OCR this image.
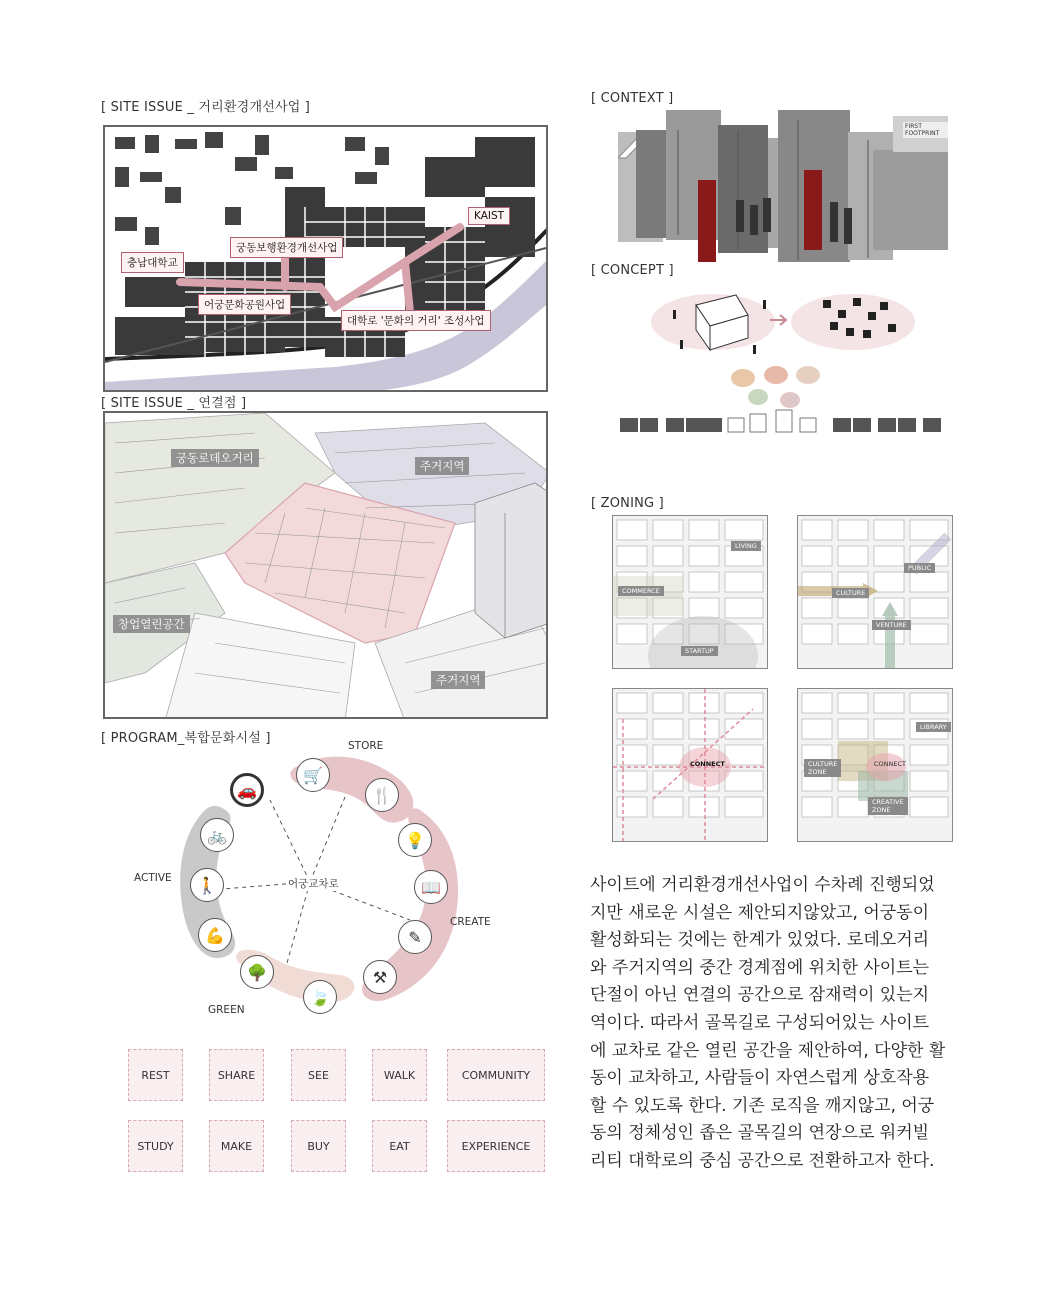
[ SITE ISSUE _ 거리환경개선사업 ]
KAIST
충남대학교
궁동보행환경개선사업
어궁문화공원사업
대학로 '문화의 거리' 조성사업
[ SITE ISSUE _ 연결점 ]
궁동로데오거리
주거지역
창업열린공간
주거지역
[ PROGRAM_복합문화시설 ]
🚗
🛒
🍴
💡
📖
✎
⚒
🚲
🚶
💪
🌳
🍃
STORE
ACTIVE
CREATE
GREEN
어궁교차로
REST	SHARE	SEE	WALK	COMMUNITY
STUDY	MAKE	BUY	EAT	EXPERIENCE
[ CONTEXT ]
FIRST FOOTPRINT
[ CONCEPT ]
[ ZONING ]
LIVING
COMMERCE
STARTUP
PUBLIC
CULTURE
VENTURE
CONNECT
LIBRARY
CULTURE
ZONE
CONNECT
CREATIVE
ZONE
사이트에 거리환경개선사업이 수차례 진행되었
지만 새로운 시설은 제안되지않았고, 어궁동이
활성화되는 것에는 한계가 있었다. 로데오거리
와 주거지역의 중간 경계점에 위치한 사이트는
단절이 아닌 연결의 공간으로 잠재력이 있는지
역이다. 따라서 골목길로 구성되어있는 사이트
에 교차로 같은 열린 공간을 제안하여, 다양한 활
동이 교차하고, 사람들이 자연스럽게 상호작용
할 수 있도록 한다. 기존 로직을 깨지않고, 어궁
동의 정체성인 좁은 골목길의 연장으로 워커빌
리티 대학로의 중심 공간으로 전환하고자 한다.
